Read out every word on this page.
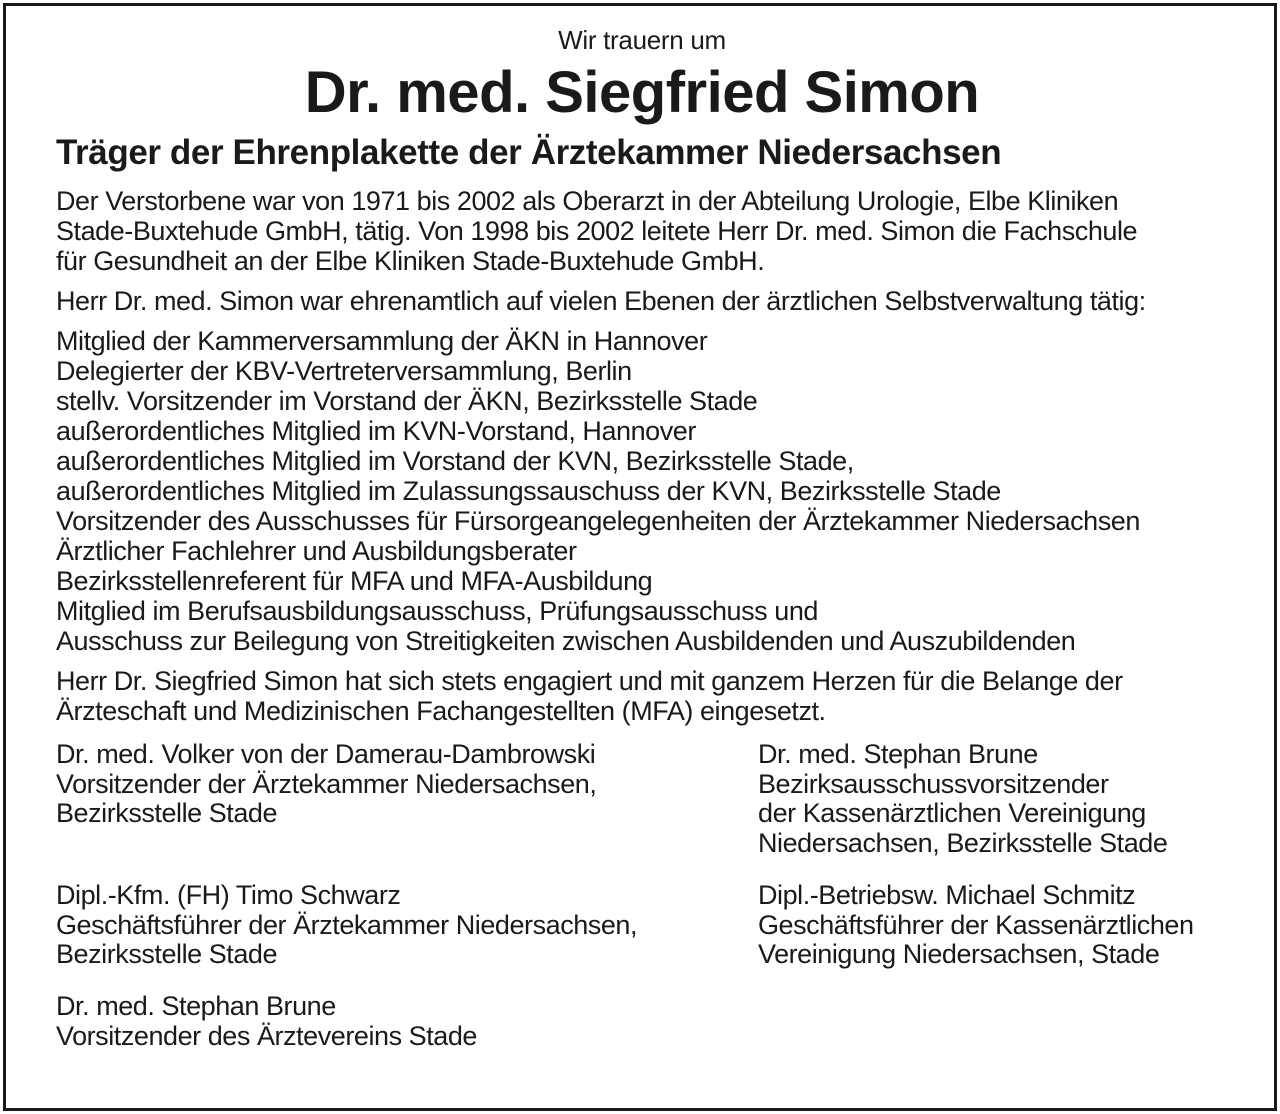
Wir trauern um
Dr. med. Siegfried Simon
Träger der Ehrenplakette der Ärztekammer Niedersachsen
Der Verstorbene war von 1971 bis 2002 als Oberarzt in der Abteilung Urologie, Elbe Kliniken
Stade-Buxtehude GmbH, tätig. Von 1998 bis 2002 leitete Herr Dr. med. Simon die Fachschule
für Gesundheit an der Elbe Kliniken Stade-Buxtehude GmbH.
Herr Dr. med. Simon war ehrenamtlich auf vielen Ebenen der ärztlichen Selbstverwaltung tätig:
Mitglied der Kammerversammlung der ÄKN in Hannover
Delegierter der KBV-Vertreterversammlung, Berlin
stellv. Vorsitzender im Vorstand der ÄKN, Bezirksstelle Stade
außerordentliches Mitglied im KVN-Vorstand, Hannover
außerordentliches Mitglied im Vorstand der KVN, Bezirksstelle Stade,
außerordentliches Mitglied im Zulassungssauschuss der KVN, Bezirksstelle Stade
Vorsitzender des Ausschusses für Fürsorgeangelegenheiten der Ärztekammer Niedersachsen
Ärztlicher Fachlehrer und Ausbildungsberater
Bezirksstellenreferent für MFA und MFA-Ausbildung
Mitglied im Berufsausbildungsausschuss, Prüfungsausschuss und
Ausschuss zur Beilegung von Streitigkeiten zwischen Ausbildenden und Auszubildenden
Herr Dr. Siegfried Simon hat sich stets engagiert und mit ganzem Herzen für die Belange der
Ärzteschaft und Medizinischen Fachangestellten (MFA) eingesetzt.
Dr. med. Volker von der Damerau-Dambrowski
Vorsitzender der Ärztekammer Niedersachsen,
Bezirksstelle Stade
Dr. med. Stephan Brune
Bezirksausschussvorsitzender
der Kassenärztlichen Vereinigung
Niedersachsen, Bezirksstelle Stade
Dipl.-Kfm. (FH) Timo Schwarz
Geschäftsführer der Ärztekammer Niedersachsen,
Bezirksstelle Stade
Dipl.-Betriebsw. Michael Schmitz
Geschäftsführer der Kassenärztlichen
Vereinigung Niedersachsen, Stade
Dr. med. Stephan Brune
Vorsitzender des Ärztevereins Stade
